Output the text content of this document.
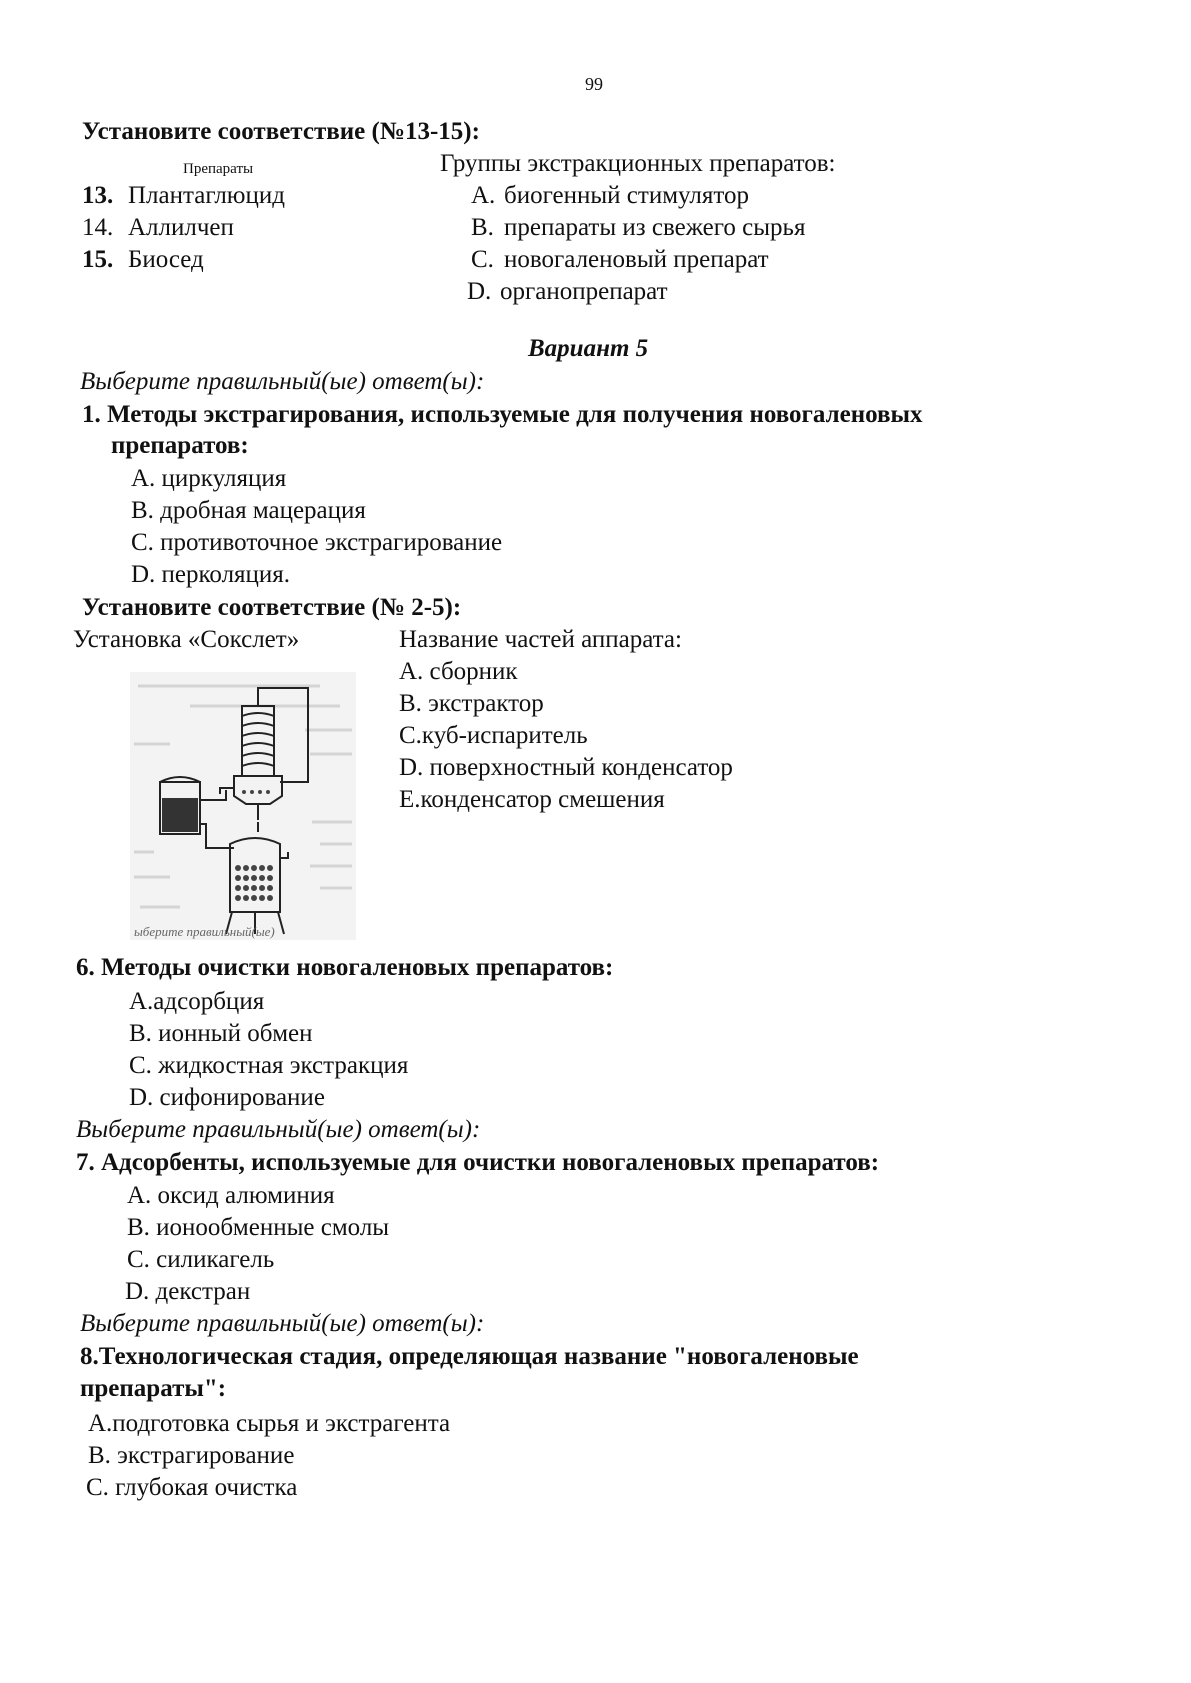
99
Установите соответствие (№13-15):
Препараты	Группы экстракционных препаратов:
13. Плантаглюцид
14. Аллилчеп
15. Биосед
A. биогенный стимулятор
B. препараты из свежего сырья
C. новогаленовый препарат
D. органопрепарат
Вариант 5
Выберите правильный(ые) ответ(ы):
1. Методы экстрагирования, используемые для получения новогаленовых
препаратов:
A. циркуляция
B. дробная мацерация
C. противоточное экстрагирование
D. перколяция.
Установите соответствие (№ 2-5):
Установка «Сокслет»	Название частей аппарата:
A. сборник
B. экстрактор
C.куб-испаритель
D. поверхностный конденсатор
E.конденсатор смешения
ыберите правильный(ые)
6. Методы очистки новогаленовых препаратов:
A.адсорбция
B. ионный обмен
C. жидкостная экстракция
D. сифонирование
Выберите правильный(ые) ответ(ы):
7. Адсорбенты, используемые для очистки новогаленовых препаратов:
A. оксид алюминия
B. ионообменные смолы
C. силикагель
D. декстран
Выберите правильный(ые) ответ(ы):
8.Технологическая стадия, определяющая название "новогаленовые
препараты":
A.подготовка сырья и экстрагента
B. экстрагирование
C. глубокая очистка
